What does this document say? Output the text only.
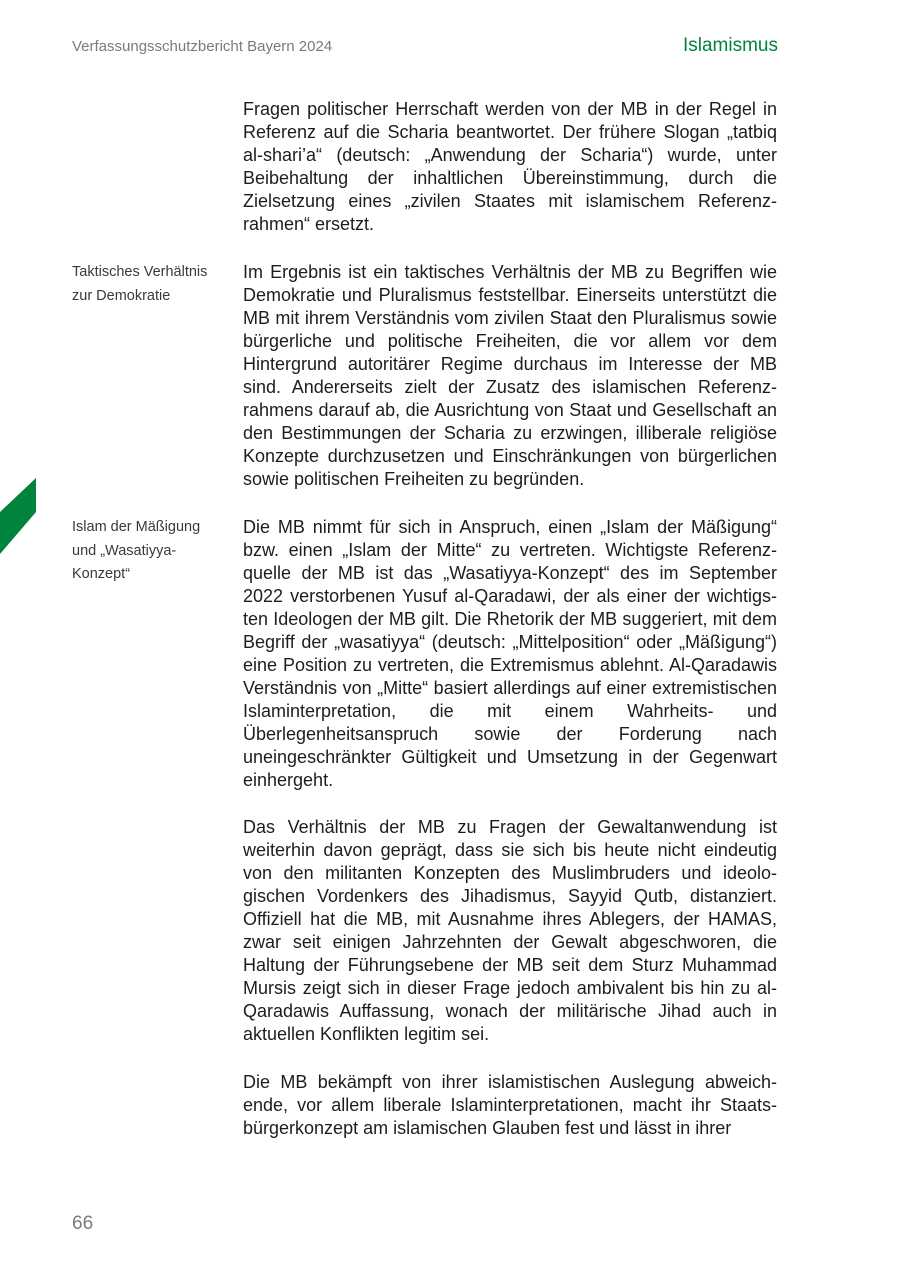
Verfassungsschutzbericht Bayern 2024	Islamismus
Taktisches Verhältnis zur Demokratie
Islam der Mäßigung und „Wasatiyya-Konzept“

Fragen politischer Herrschaft werden von der MB in der Regel in Referenz auf die Scharia beantwortet. Der frühere Slogan „tatbiq al-shari’a“ (deutsch: „Anwendung der Scharia“) wurde, unter Beibehaltung der inhaltlichen Übereinstimmung, durch die Zielsetzung eines „zivilen Staates mit islamischem Referenzrahmen“ ersetzt.

Im Ergebnis ist ein taktisches Verhältnis der MB zu Begriffen wie Demokratie und Pluralismus feststellbar. Einerseits unterstützt die MB mit ihrem Verständnis vom zivilen Staat den Pluralismus sowie bürgerliche und politische Freiheiten, die vor allem vor dem Hintergrund autoritärer Regime durchaus im Interesse der MB sind. Andererseits zielt der Zusatz des islamischen Referenzrahmens darauf ab, die Ausrichtung von Staat und Gesellschaft an den Bestimmungen der Scharia zu erzwingen, illiberale religiöse Konzepte durchzusetzen und Einschränkungen von bürgerlichen sowie politischen Freiheiten zu begründen.

Die MB nimmt für sich in Anspruch, einen „Islam der Mäßigung“ bzw. einen „Islam der Mitte“ zu vertreten. Wichtigste Referenzquelle der MB ist das „Wasatiyya-Konzept“ des im September 2022 verstorbenen Yusuf al-Qaradawi, der als einer der wichtigsten Ideologen der MB gilt. Die Rhetorik der MB suggeriert, mit dem Begriff der „wasatiyya“ (deutsch: „Mittelposition“ oder „Mäßigung“) eine Position zu vertreten, die Extremismus ablehnt. Al-Qaradawis Verständnis von „Mitte“ basiert allerdings auf einer extremistischen Islaminterpretation, die mit einem Wahrheits- und Überlegenheitsanspruch sowie der Forderung nach uneingeschränkter Gültigkeit und Umsetzung in der Gegenwart einhergeht.

Das Verhältnis der MB zu Fragen der Gewaltanwendung ist weiterhin davon geprägt, dass sie sich bis heute nicht eindeutig von den militanten Konzepten des Muslimbruders und ideologischen Vordenkers des Jihadismus, Sayyid Qutb, distanziert. Offiziell hat die MB, mit Ausnahme ihres Ablegers, der HAMAS, zwar seit einigen Jahrzehnten der Gewalt abgeschworen, die Haltung der Führungsebene der MB seit dem Sturz Muhammad Mursis zeigt sich in dieser Frage jedoch ambivalent bis hin zu al-Qaradawis Auffassung, wonach der militärische Jihad auch in aktuellen Konflikten legitim sei.

Die MB bekämpft von ihrer islamistischen Auslegung abweichende, vor allem liberale Islaminterpretationen, macht ihr Staatsbürgerkonzept am islamischen Glauben fest und lässt in ihrer

66
